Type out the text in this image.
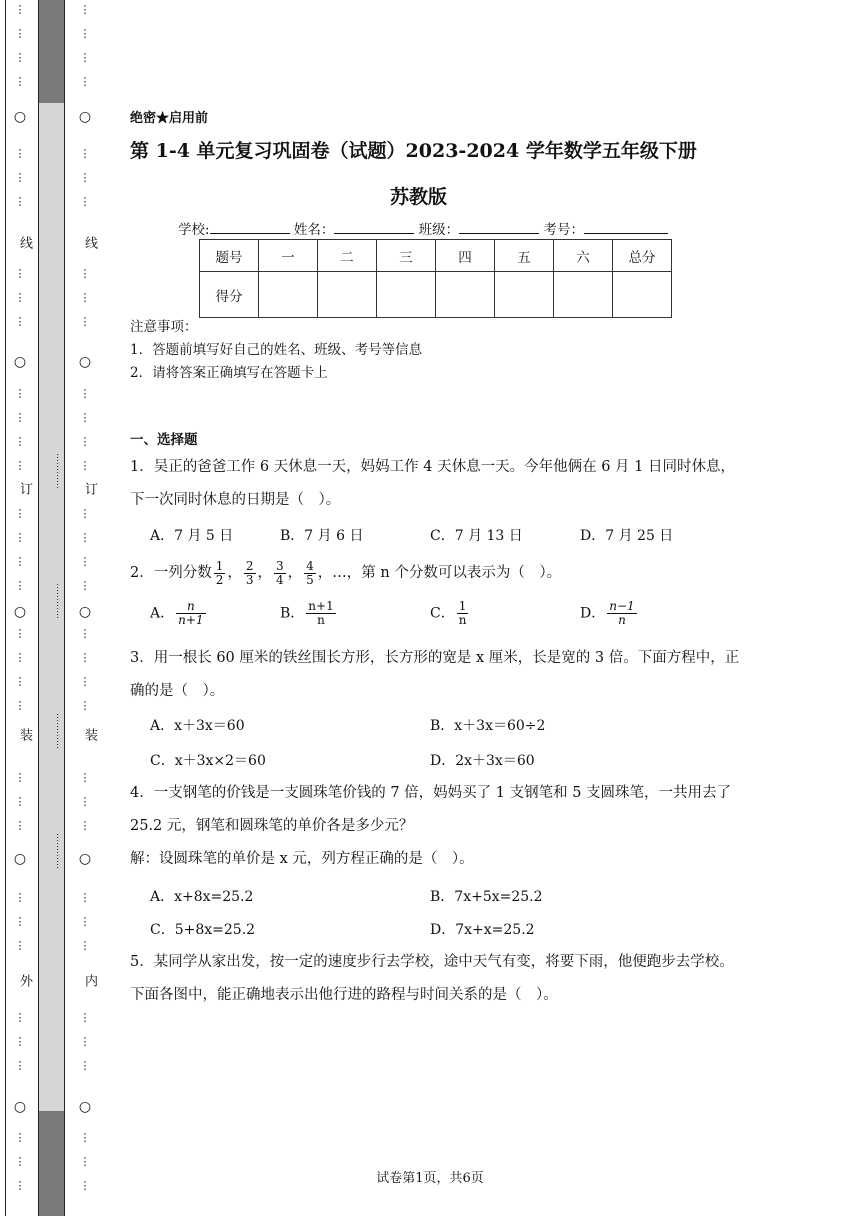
…………
…………
…………
…………
○
○
○
○
○
线
订
装
外
⋮
⋮
⋮
⋮
⋮
⋮
⋮
⋮
⋮
⋮
⋮
⋮
⋮
⋮
⋮
⋮
⋮
⋮
⋮
⋮
⋮
⋮
⋮
⋮
⋮
⋮
⋮
⋮
⋮
⋮
⋮
⋮
⋮
⋮
○
○
○
○
○
线
订
装
内
⋮
⋮
⋮
⋮
⋮
⋮
⋮
⋮
⋮
⋮
⋮
⋮
⋮
⋮
⋮
⋮
⋮
⋮
⋮
⋮
⋮
⋮
⋮
⋮
⋮
⋮
⋮
⋮
⋮
⋮
⋮
⋮
⋮
⋮
绝密★启用前
第 1-4 单元复习巩固卷（试题）2023-2024 学年数学五年级下册
苏教版
学校:	姓名：	班级：	考号：
题号	一	二	三	四	五	六	总分
得分							
注意事项：
1．答题前填写好自己的姓名、班级、考号等信息
2．请将答案正确填写在答题卡上
一、选择题
1．吴正的爸爸工作 6 天休息一天，妈妈工作 4 天休息一天。今年他俩在 6 月 1 日同时休息，下一次同时休息的日期是（　）。
A．7 月 5 日	B．7 月 6 日	C．7 月 13 日	D．7 月 25 日
2．一列分数 $\frac{1}{2}$ ， $\frac{2}{3}$ ， $\frac{3}{4}$ ， $\frac{4}{5}$ ，…，第 n 个分数可以表示为（　）。
A． $\frac{n}{n+1}$	B． $\frac{n+1}{n}$	C． $\frac{1}{n}$	D． $\frac{n-1}{n}$
3．用一根长 60 厘米的铁丝围长方形，长方形的宽是 x 厘米，长是宽的 3 倍。下面方程中，正确的是（　）。
A．x＋3x＝60	B．x＋3x＝60÷2
C．x＋3x×2＝60	D．2x＋3x＝60
4．一支钢笔的价钱是一支圆珠笔价钱的 7 倍，妈妈买了 1 支钢笔和 5 支圆珠笔，一共用去了 25.2 元，钢笔和圆珠笔的单价各是多少元？
解：设圆珠笔的单价是 x 元，列方程正确的是（　）。
A．x+8x=25.2	B．7x+5x=25.2
C．5+8x=25.2	D．7x+x=25.2
5．某同学从家出发，按一定的速度步行去学校，途中天气有变，将要下雨，他便跑步去学校。下面各图中，能正确地表示出他行进的路程与时间关系的是（　）。
试卷第1页，共6页
